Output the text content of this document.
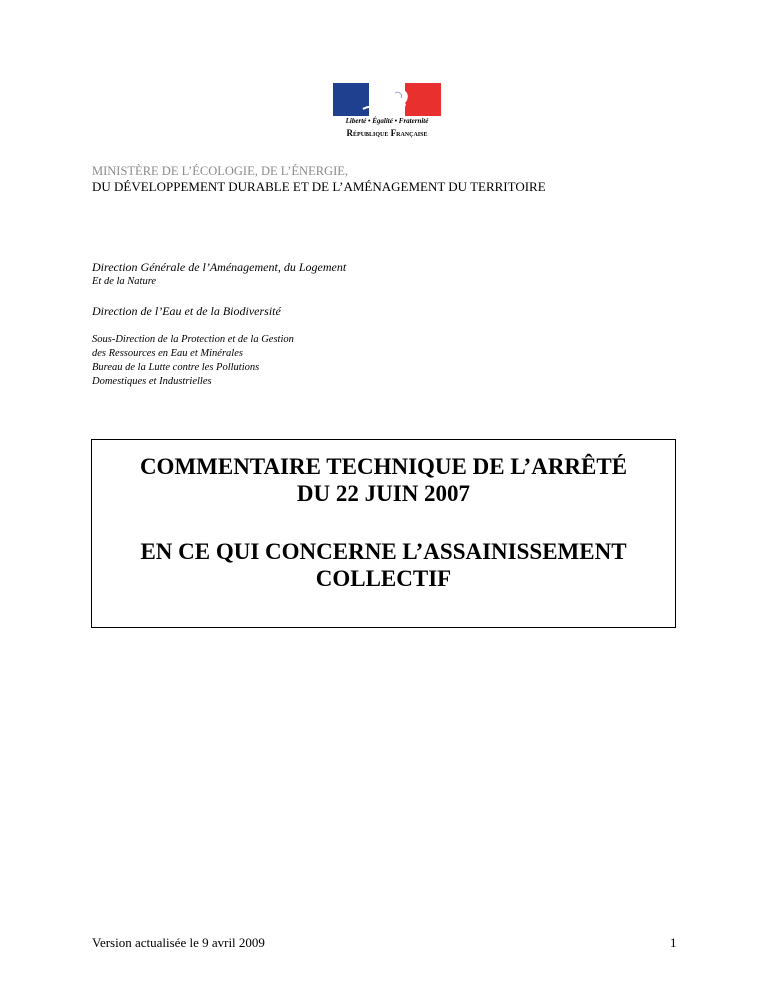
Liberté • Égalité • Fraternité
République Française
MINISTÈRE DE L’ÉCOLOGIE, DE L’ÉNERGIE,
DU DÉVELOPPEMENT DURABLE ET DE L’AMÉNAGEMENT DU TERRITOIRE
Direction Générale de l’Aménagement, du Logement
Et de la Nature
Direction de l’Eau et de la Biodiversité
Sous-Direction de la Protection et de la Gestion
des Ressources en Eau et Minérales
Bureau de la Lutte contre les Pollutions
Domestiques et Industrielles
COMMENTAIRE TECHNIQUE DE L’ARRÊTÉ
DU 22 JUIN 2007
EN CE QUI CONCERNE L’ASSAINISSEMENT
COLLECTIF
Version actualisée le 9 avril 2009	1
